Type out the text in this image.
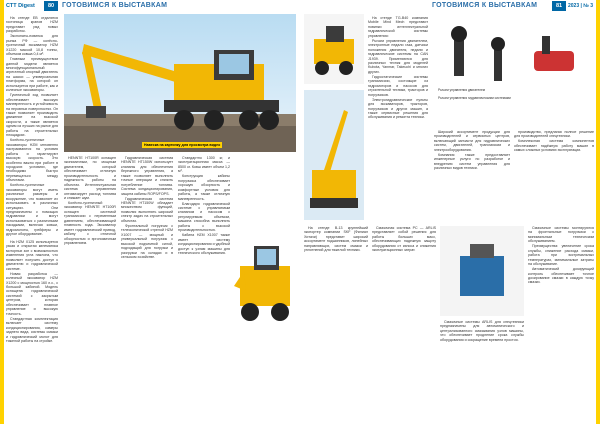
СТТ Digest	80	ГОТОВИМСЯ К ВЫСТАВКАМ

На стенде EB отдалятся гостиница кранов HZM представит ряд новых разработок.

Экспонаты-новинка для рынка РФ — колёсно-гусеничный экскаватор HZM X1220 массой 10,8 тонны, объемом ковша 0,4 м³.

Главным преимуществом данной модели является многофункциональный агрегатный опорный двигатель на шасси — универсальная платформа, на которой он используется при работе, как и колесные экскаваторы.

Гусеничный ход позволяет обеспечивает высокую маневренность и устойчивость на неровных поверхностях. Он также позволяет производить движение на высокой скорости, а также является одним из лучших на рынке для работы на строительных площадках.

Колёсно-гусеничные экскаваторы HZM мгновенно настраиваются на условия работы и гарантируют высокую скорость. Это особенно важно при работе в городских условиях, где необходимо быстро перемещаться между объектами.

Колёсно-гусеничные экскаваторы могут иметь различные размеры и вооружение, что позволяет их использовать в различных ситуациях. Они предназначены с помощью гидравлики и могут использоваться с различными насадками, включая ковши, гидромолоты, грейферы и другое оборудование.

На HZM X125 используется узкая и открытая кинематика моторных зон с возможностью изменения угла наклона, что позволяет получить доступ к двигателю и гидравлической системе.

Новая разработка — колесный экскаватор HZM X1200 с мощностью 160 л.с., с большой кабиной. Модель оснащена гидравлической системой с закрытым центром, которая обеспечивает плавное управление и высокую точность.

Стандартная комплектация включает систему кондиционирования, камеры заднего вида, системы смазки и гидравлический молот для тяжелой работы на стройке.

Навеска на картинку для просмотра видео

HENNTE HT100R оснащен экономичным, но мощным двигателем, который обеспечивает отличную производительность и надежность работы на объектах. Интеллектуальная система управления оптимизирует расход топлива и снижает шум.

Колёсно-гусеничный экскаватор HENNTE HT100R оснащен системой трансмиссии с переменным давлением, обеспечивающей плавность хода. Экскаватор имеет гидравлический привод, кабину с отличной обзорностью и эргономичным управлением.

Гидравлическая система HENNTE HT150W использует клапаны для обеспечения бережного управления, а также позволяет выполнять точные операции и снизить потребление топлива. Система кондиционирования, защита кабины ROPS/FOPS.

Гидравлическая система HENNTE HT150W обладает множеством функций, позволяя выполнять широкий спектр задач на строительных объектах.

Фронтальный погрузчик с телескопической стрелой HZM X1007 — мощный и универсальный погрузчик с высокой подъемной силой, подходящий для погрузки и разгрузки на складах и в сельском хозяйстве.

Стандартно 1300 кг, и эксплуатационная масса — 8500 кг. Ковш имеет объем 1,2 м³.

Конструкция кабины погрузчика обеспечивает хорошую обзорность и комфортные условия для работы, а также отличную маневренность.

Благодаря гидравлической системе с управляемым клапаном и насосом с регулируемым объемом, машина способна выполнять работы с высокой производительностью.

Кабина HZM X1007 также имеет систему кондиционирования и удобный доступ к узлам машины для технического обслуживания.

ГОТОВИМСЯ К ВЫСТАВКАМ	81	2023 | № 3

На стенде TG-B40 компания Mobile Mind Mech представит новинки интеллектуальной гидравлической системы управления:

Рычаги управления двигателем, электронные педали газа, датчики положения двигателя, педали и гидравлические системы на CAN J1939. Применяются для различных техник для моделей Kubota, Yanmar, Takeuchi и многих других.

Гидростатические системы трансмиссии, состоящие из гидромоторов и насосов для строительной техники, тракторов и погрузчиков.

Электрогидравлические пульты для экскаваторов, тракторов, погрузчиков и других машин, а также сервисные решения для обслуживания и ремонта техники.

Рычаги управления двигателем
Рычаги управления гидравлическими системами

Широкий ассортимент продукции для производителей и сервисных центров, включающий запчасти для гидравлических систем, двигателей, трансмиссии и электрооборудования.

Компания также предоставляет инженерные услуги по разработке и внедрению систем управления для различных видов техники.

производство, предлагая полное решение для производителей спецтехники.

Комплексная система компонентов обеспечивает надёжную работу машин в самых сложных условиях эксплуатации.

На стенде В-13 крупнейший экспортер компании SKF (Филиал Хитачи) представит широкий ассортимент подшипников, линейных направляющих, систем смазки и уплотнений для тяжелой техники.

Смазочная система PC — ARLIS представляет собой решения для работы больших масс, обеспечивающих надежную защиту оборудования от износа и снижения эксплуатационных затрат.

Смазочные системы ARLIS для спецтехники предназначены для автоматического и централизованного смазывания узлов машины, что обеспечивает продление срока службы оборудования и сокращение времени простоя.

Смазочные системы монтируются на фронтальные погрузчики с минимальным техническим обслуживанием.

Преимущества: увеличение срока службы, снижение расхода смазки, работа при экстремальных температурах, минимальные затраты на обслуживание.

Автоматический дозирующий контроль обеспечивает точное дозирование смазки в каждую точку смазки.
